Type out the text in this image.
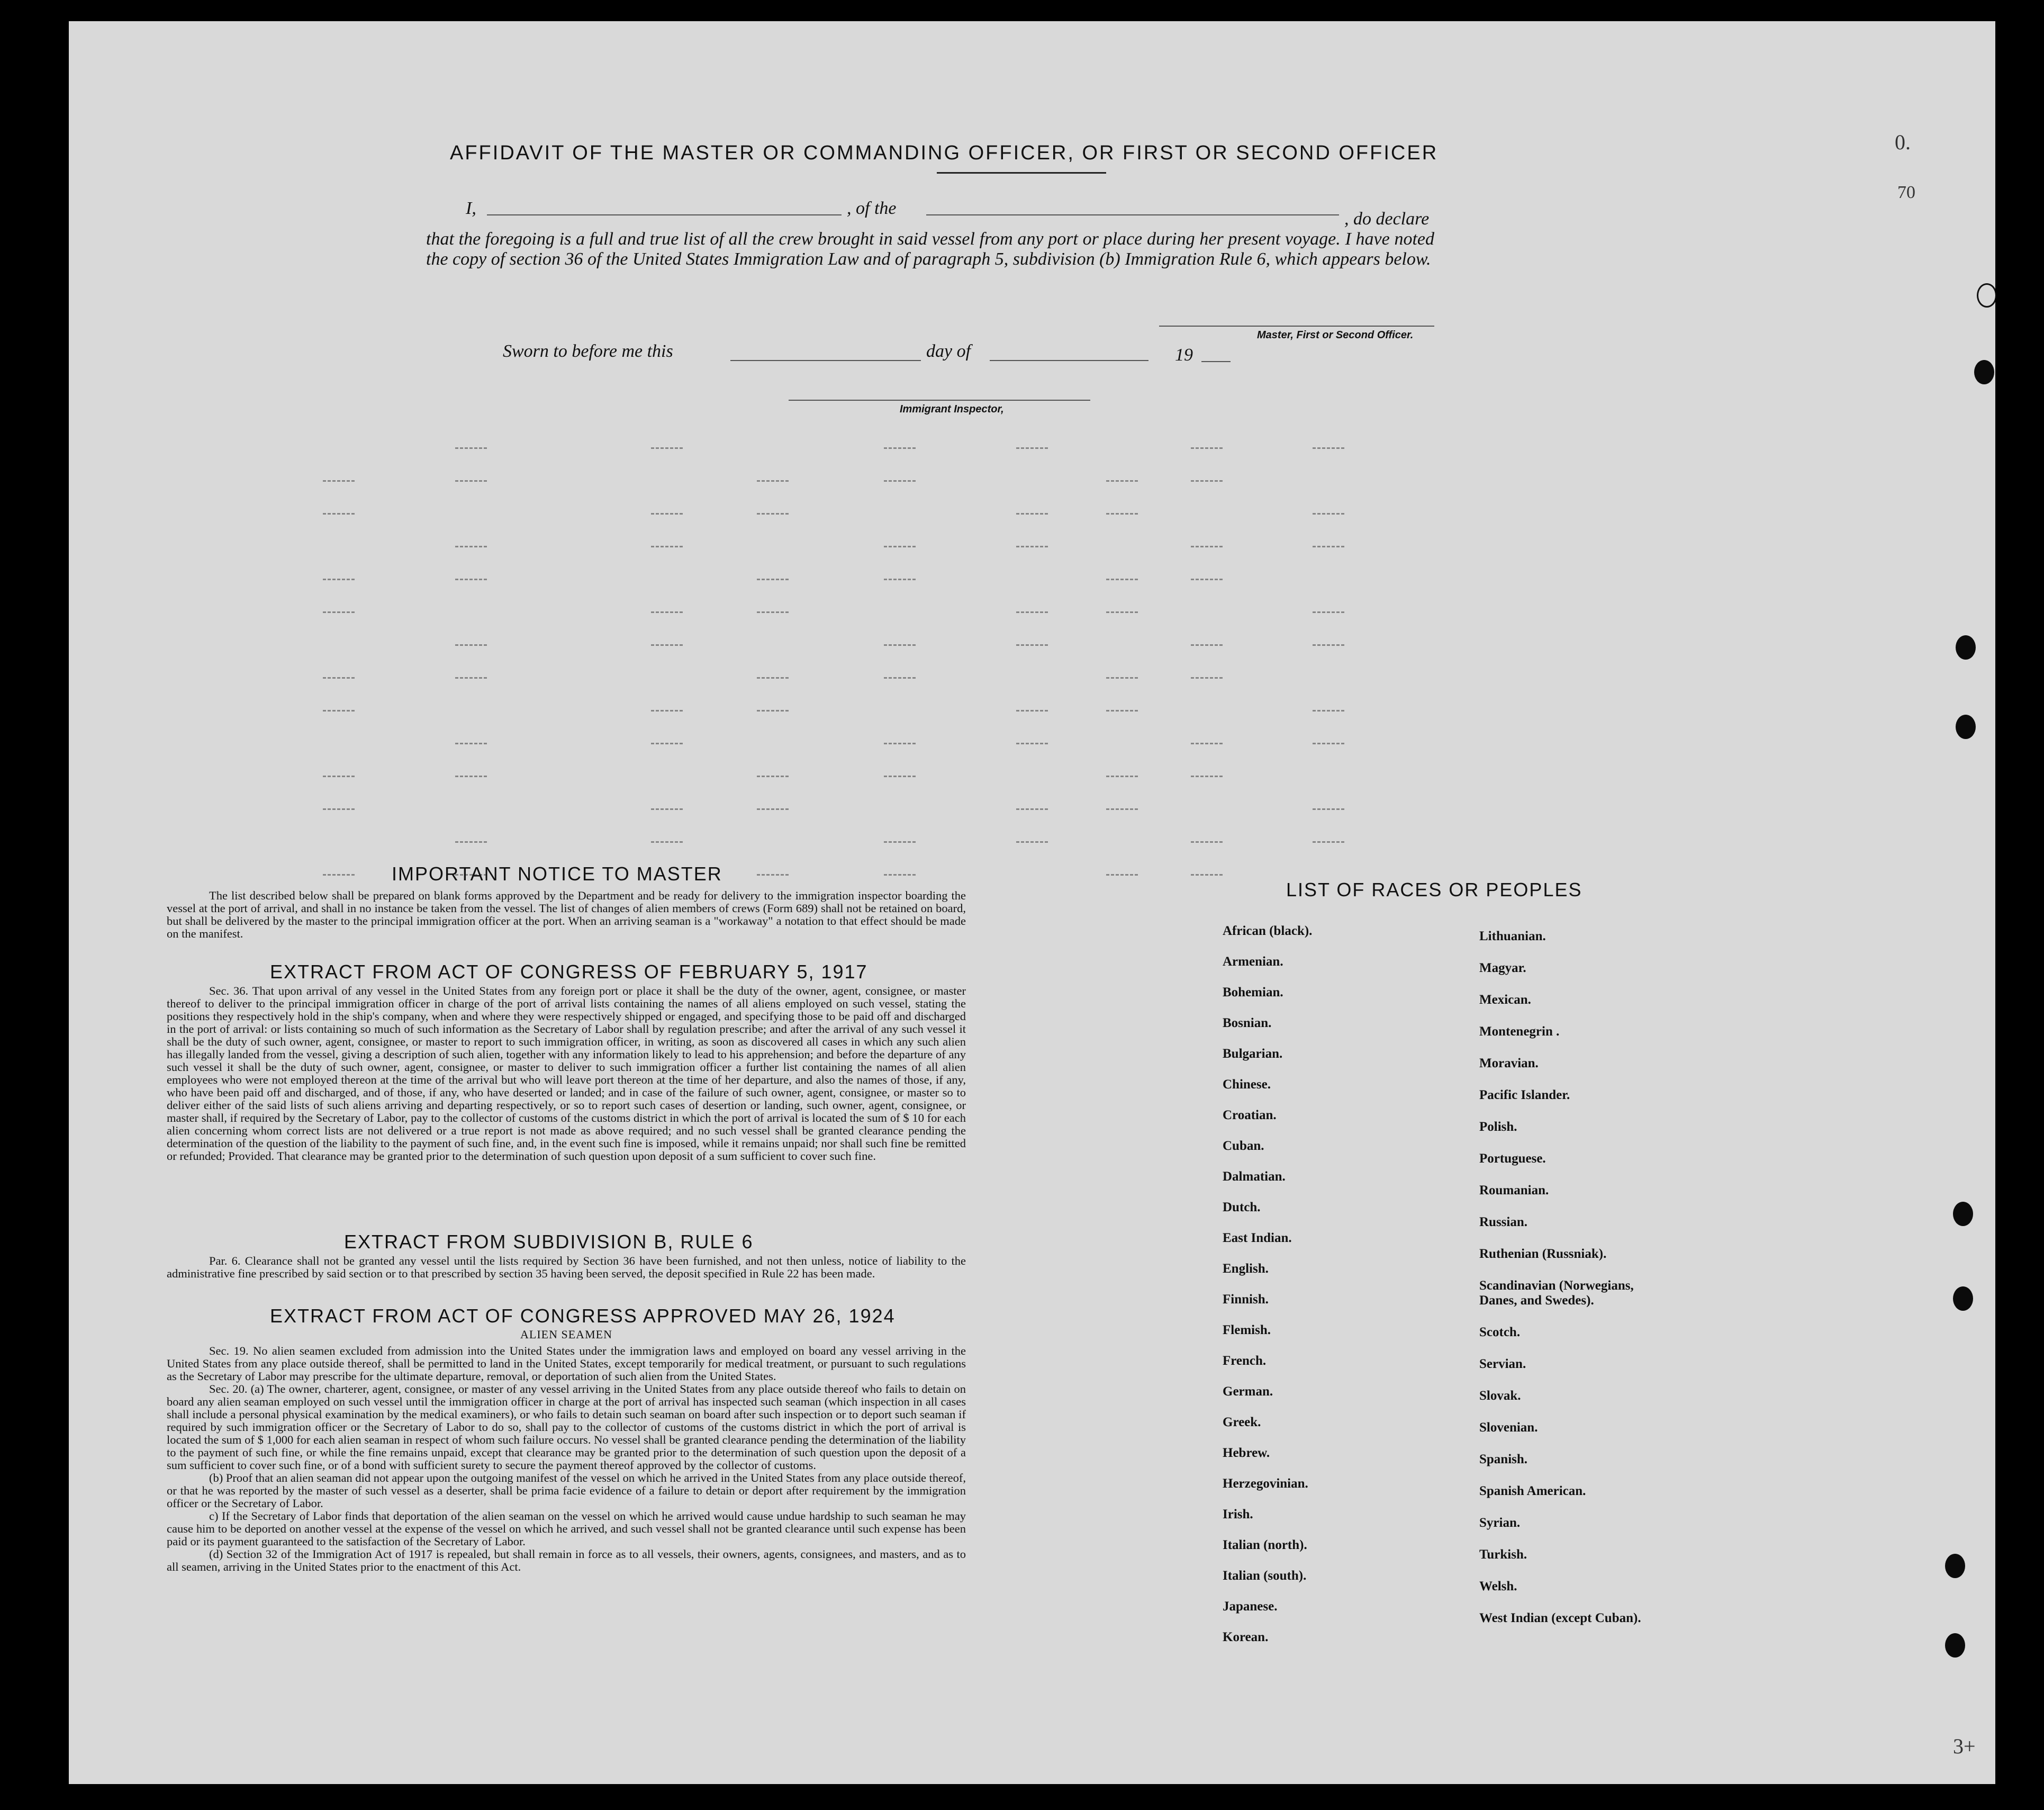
AFFIDAVIT OF THE MASTER OR COMMANDING OFFICER, OR FIRST OR SECOND OFFICER
I,	, of the
, do declare
that the foregoing is a full and true list of all the crew brought in said vessel from any port or place during her present voyage. I have noted the copy of section 36 of the United States Immigration Law and of paragraph 5, subdivision (b) Immigration Rule 6, which appears below.
Master, First or Second Officer.
Sworn to before me this	day of	19
Immigrant Inspector,
IMPORTANT NOTICE TO MASTER

The list described below shall be prepared on blank forms approved by the Department and be ready for delivery to the immigration inspector boarding the vessel at the port of arrival, and shall in no instance be taken from the vessel. The list of changes of alien members of crews (Form 689) shall not be retained on board, but shall be delivered by the master to the principal immigration officer at the port. When an arriving seaman is a "workaway" a notation to that effect should be made on the manifest.

EXTRACT FROM ACT OF CONGRESS OF FEBRUARY 5, 1917

Sec. 36. That upon arrival of any vessel in the United States from any foreign port or place it shall be the duty of the owner, agent, consignee, or master thereof to deliver to the principal immigration officer in charge of the port of arrival lists containing the names of all aliens employed on such vessel, stating the positions they respectively hold in the ship's company, when and where they were respectively shipped or engaged, and specifying those to be paid off and discharged in the port of arrival: or lists containing so much of such information as the Secretary of Labor shall by regulation prescribe; and after the arrival of any such vessel it shall be the duty of such owner, agent, consignee, or master to report to such immigration officer, in writing, as soon as discovered all cases in which any such alien has illegally landed from the vessel, giving a description of such alien, together with any information likely to lead to his apprehension; and before the departure of any such vessel it shall be the duty of such owner, agent, consignee, or master to deliver to such immigration officer a further list containing the names of all alien employees who were not employed thereon at the time of the arrival but who will leave port thereon at the time of her departure, and also the names of those, if any, who have been paid off and discharged, and of those, if any, who have deserted or landed; and in case of the failure of such owner, agent, consignee, or master so to deliver either of the said lists of such aliens arriving and departing respectively, or so to report such cases of desertion or landing, such owner, agent, consignee, or master shall, if required by the Secretary of Labor, pay to the collector of customs of the customs district in which the port of arrival is located the sum of $ 10 for each alien concerning whom correct lists are not delivered or a true report is not made as above required; and no such vessel shall be granted clearance pending the determination of the question of the liability to the payment of such fine, and, in the event such fine is imposed, while it remains unpaid; nor shall such fine be remitted or refunded; Provided. That clearance may be granted prior to the determination of such question upon deposit of a sum sufficient to cover such fine.

EXTRACT FROM SUBDIVISION B, RULE 6

Par. 6. Clearance shall not be granted any vessel until the lists required by Section 36 have been furnished, and not then unless, notice of liability to the administrative fine prescribed by said section or to that prescribed by section 35 having been served, the deposit specified in Rule 22 has been made.

EXTRACT FROM ACT OF CONGRESS APPROVED MAY 26, 1924
ALIEN SEAMEN

Sec. 19. No alien seamen excluded from admission into the United States under the immigration laws and employed on board any vessel arriving in the United States from any place outside thereof, shall be permitted to land in the United States, except temporarily for medical treatment, or pursuant to such regulations as the Secretary of Labor may prescribe for the ultimate departure, removal, or deportation of such alien from the United States.

Sec. 20. (a) The owner, charterer, agent, consignee, or master of any vessel arriving in the United States from any place outside thereof who fails to detain on board any alien seaman employed on such vessel until the immigration officer in charge at the port of arrival has inspected such seaman (which inspection in all cases shall include a personal physical examination by the medical examiners), or who fails to detain such seaman on board after such inspection or to deport such seaman if required by such immigration officer or the Secretary of Labor to do so, shall pay to the collector of customs of the customs district in which the port of arrival is located the sum of $ 1,000 for each alien seaman in respect of whom such failure occurs. No vessel shall be granted clearance pending the determination of the liability to the payment of such fine, or while the fine remains unpaid, except that clearance may be granted prior to the determination of such question upon the deposit of a sum sufficient to cover such fine, or of a bond with sufficient surety to secure the payment thereof approved by the collector of customs.

(b) Proof that an alien seaman did not appear upon the outgoing manifest of the vessel on which he arrived in the United States from any place outside thereof, or that he was reported by the master of such vessel as a deserter, shall be prima facie evidence of a failure to detain or deport after requirement by the immigration officer or the Secretary of Labor.

c) If the Secretary of Labor finds that deportation of the alien seaman on the vessel on which he arrived would cause undue hardship to such seaman he may cause him to be deported on another vessel at the expense of the vessel on which he arrived, and such vessel shall not be granted clearance until such expense has been paid or its payment guaranteed to the satisfaction of the Secretary of Labor.

(d) Section 32 of the Immigration Act of 1917 is repealed, but shall remain in force as to all vessels, their owners, agents, consignees, and masters, and as to all seamen, arriving in the United States prior to the enactment of this Act.

LIST OF RACES OR PEOPLES
African (black).
Armenian.
Bohemian.
Bosnian.
Bulgarian.
Chinese.
Croatian.
Cuban.
Dalmatian.
Dutch.
East Indian.
English.
Finnish.
Flemish.
French.
German.
Greek.
Hebrew.
Herzegovinian.
Irish.
Italian (north).
Italian (south).
Japanese.
Korean.
Lithuanian.
Magyar.
Mexican.
Montenegrin .
Moravian.
Pacific Islander.
Polish.
Portuguese.
Roumanian.
Russian.
Ruthenian (Russniak).
Scandinavian (Norwegians, Danes, and Swedes).
Scotch.
Servian.
Slovak.
Slovenian.
Spanish.
Spanish American.
Syrian.
Turkish.
Welsh.
West Indian (except Cuban).
0.
70
3+
